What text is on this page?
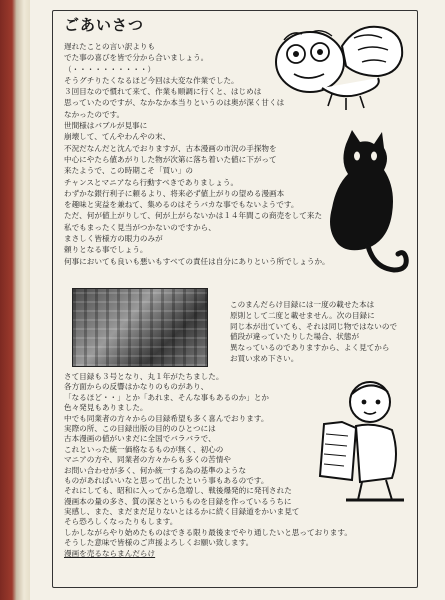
ごあいさつ
遅れたことの言い訳よりも
でた事の喜びを皆で分から合いましょう。
（・・・・・・・・・・）
そうグチりたくなるほど今回は大変な作業でした。
３回目なので慣れて来て、作業も順調に行くと、はじめは
思っていたのですが、なかなか本当りというのは奥が深く甘くは
なかったのです。
世間様はバブルが見事に
崩壊して、てんやわんやの末、
不況だなんだと沈んでおりますが、古本漫画の市況の手探物を
中心にやたら値あがりした物が次第に落ち着いた値に下がって
来たようで、この時期こそ「買い」の
チャンスとマニアなら行動すべきでありましょう。
わずかな銀行利子に頼るより、将来必ず値上がりの望める漫画本
を趣味と実益を兼ねて、集めるのはそうバカな事でもないようです。
ただ、何が値上がりして、何が上がらないかは１４年間この商売をして来た
私でもまったく見当がつかないのですから、
まさしく皆様方の眼力のみが
頼りとなる事でしょう。
何事においても良いも悪いもすべての責任は自分にありという所でしょうか。
このまんだらけ目録には一度の載せた本は
原則として二度と載せません。次の目録に
同じ本が出ていても、それは同じ物ではないので
値段が違っていたりした場合、状態が
異なっているのでありますから、よく見てから
お買い求め下さい。
さて目録も３号となり、丸１年がたちました。
各方面からの反響はかなりのものがあり、
「なるほど・・」とか「あれま、そんな事もあるのか」とか
色々発見もありました。
中でも同業者の方々からの目録希望も多く喜んでおります。
実際の所、この目録出版の目的のひとつには
古本漫画の値がいまだに全国でバラバラで、
これといった統一価格なるものが無く、初心の
マニアの方や、同業者の方々からも多くの苦情や
お問い合わせが多く、何か統一する為の基準のような
ものがあればいいなと思って出したという事もあるのです。
それにしても、昭和に入ってから急増し、戦後爆発的に発刊された
漫画本の量の多さ、質の深さというものを目録を作っているうちに
実感し、また、まだまだ足りないとはるかに続く目録道をかいま見て
そら恐ろしくなったりもします。
しかしながらやり始めたものはできる限り最後までやり通したいと思っております。
そうした意味で皆様のご声援よろしくお願い致します。
漫画を売るならまんだらけ
